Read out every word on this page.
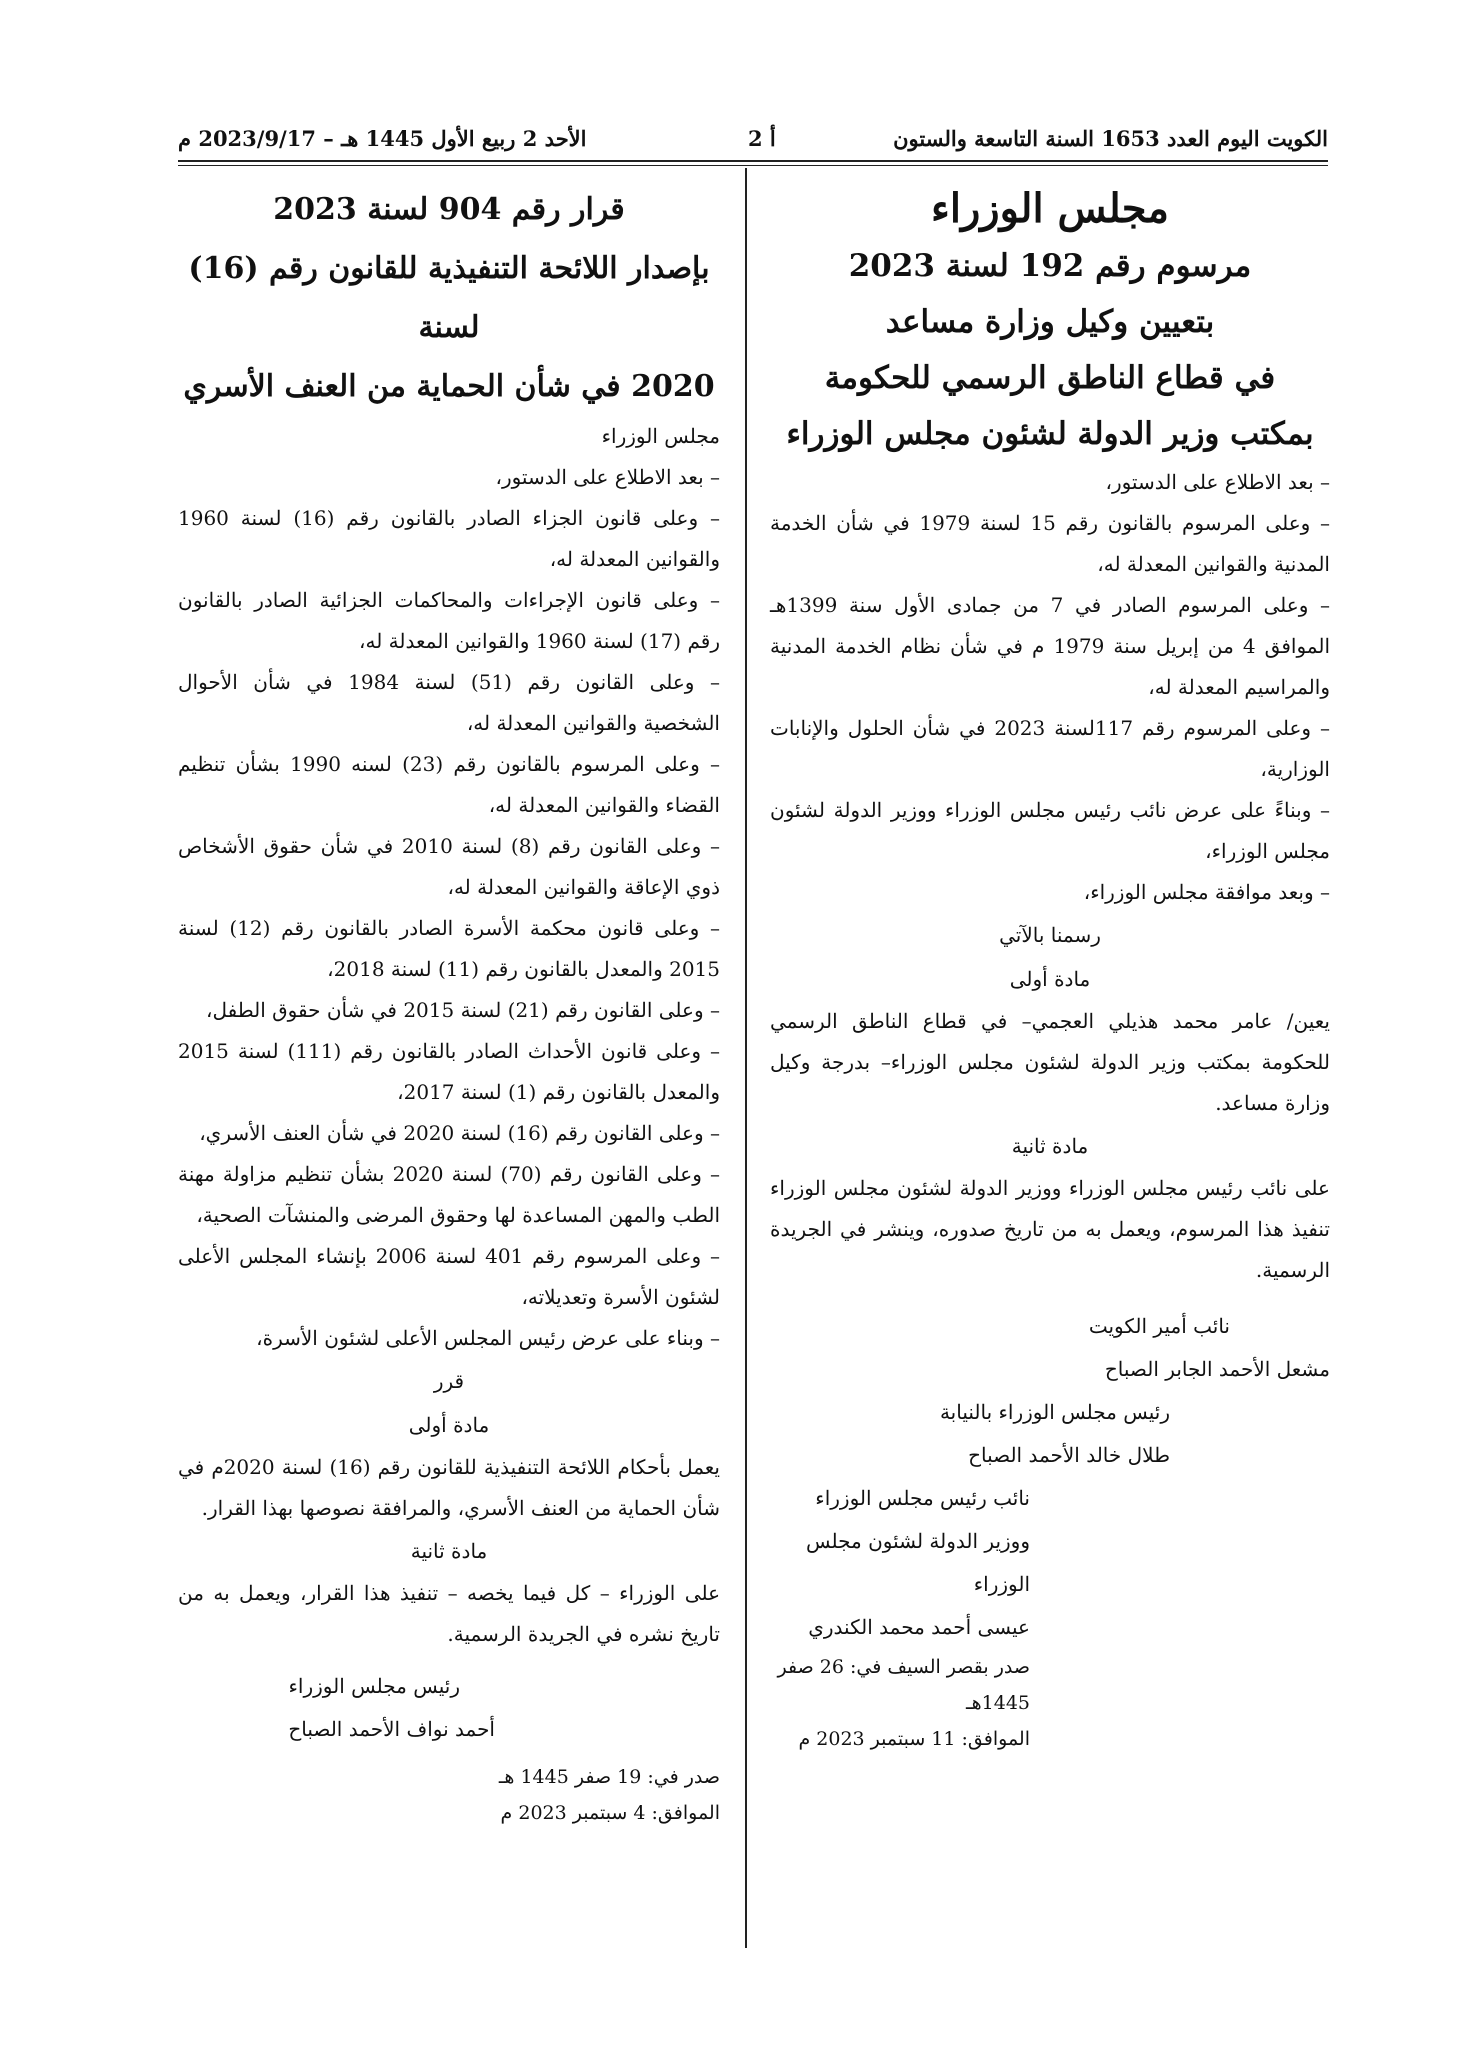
الكويت اليوم العدد 1653 السنة التاسعة والستون
أ 2
الأحد 2 ربيع الأول 1445 هـ – 2023/9/17 م
مجلس الوزراء
مرسوم رقم 192 لسنة 2023
بتعيين وكيل وزارة مساعد
في قطاع الناطق الرسمي للحكومة
بمكتب وزير الدولة لشئون مجلس الوزراء
– بعد الاطلاع على الدستور،
– وعلى المرسوم بالقانون رقم 15 لسنة 1979 في شأن الخدمة المدنية والقوانين المعدلة له،
– وعلى المرسوم الصادر في 7 من جمادى الأول سنة 1399هـ الموافق 4 من إبريل سنة 1979 م في شأن نظام الخدمة المدنية والمراسيم المعدلة له،
– وعلى المرسوم رقم 117لسنة 2023 في شأن الحلول والإنابات الوزارية،
– وبناءً على عرض نائب رئيس مجلس الوزراء ووزير الدولة لشئون مجلس الوزراء،
– وبعد موافقة مجلس الوزراء،
رسمنا بالآتي
مادة أولى
يعين/ عامر محمد هذيلي العجمي– في قطاع الناطق الرسمي للحكومة بمكتب وزير الدولة لشئون مجلس الوزراء– بدرجة وكيل وزارة مساعد.
مادة ثانية
على نائب رئيس مجلس الوزراء ووزير الدولة لشئون مجلس الوزراء تنفيذ هذا المرسوم، ويعمل به من تاريخ صدوره، وينشر في الجريدة الرسمية.
نائب أمير الكويت
مشعل الأحمد الجابر الصباح
رئيس مجلس الوزراء بالنيابة
طلال خالد الأحمد الصباح
نائب رئيس مجلس الوزراء
ووزير الدولة لشئون مجلس الوزراء
عيسى أحمد محمد الكندري
صدر بقصر السيف في: 26 صفر 1445هـ
الموافق: 11 سبتمبر 2023 م
قرار رقم 904 لسنة 2023
بإصدار اللائحة التنفيذية للقانون رقم (16) لسنة
2020 في شأن الحماية من العنف الأسري
مجلس الوزراء
– بعد الاطلاع على الدستور،
– وعلى قانون الجزاء الصادر بالقانون رقم (16) لسنة 1960 والقوانين المعدلة له،
– وعلى قانون الإجراءات والمحاكمات الجزائية الصادر بالقانون رقم (17) لسنة 1960 والقوانين المعدلة له،
– وعلى القانون رقم (51) لسنة 1984 في شأن الأحوال الشخصية والقوانين المعدلة له،
– وعلى المرسوم بالقانون رقم (23) لسنه 1990 بشأن تنظيم القضاء والقوانين المعدلة له،
– وعلى القانون رقم (8) لسنة 2010 في شأن حقوق الأشخاص ذوي الإعاقة والقوانين المعدلة له،
– وعلى قانون محكمة الأسرة الصادر بالقانون رقم (12) لسنة 2015 والمعدل بالقانون رقم (11) لسنة 2018،
– وعلى القانون رقم (21) لسنة 2015 في شأن حقوق الطفل،
– وعلى قانون الأحداث الصادر بالقانون رقم (111) لسنة 2015 والمعدل بالقانون رقم (1) لسنة 2017،
– وعلى القانون رقم (16) لسنة 2020 في شأن العنف الأسري،
– وعلى القانون رقم (70) لسنة 2020 بشأن تنظيم مزاولة مهنة الطب والمهن المساعدة لها وحقوق المرضى والمنشآت الصحية،
– وعلى المرسوم رقم 401 لسنة 2006 بإنشاء المجلس الأعلى لشئون الأسرة وتعديلاته،
– وبناء على عرض رئيس المجلس الأعلى لشئون الأسرة،
قرر
مادة أولى
يعمل بأحكام اللائحة التنفيذية للقانون رقم (16) لسنة 2020م في شأن الحماية من العنف الأسري، والمرافقة نصوصها بهذا القرار.
مادة ثانية
على الوزراء – كل فيما يخصه – تنفيذ هذا القرار، ويعمل به من تاريخ نشره في الجريدة الرسمية.
رئيس مجلس الوزراء
أحمد نواف الأحمد الصباح
صدر في: 19 صفر 1445 هـ
الموافق: 4 سبتمبر 2023 م
